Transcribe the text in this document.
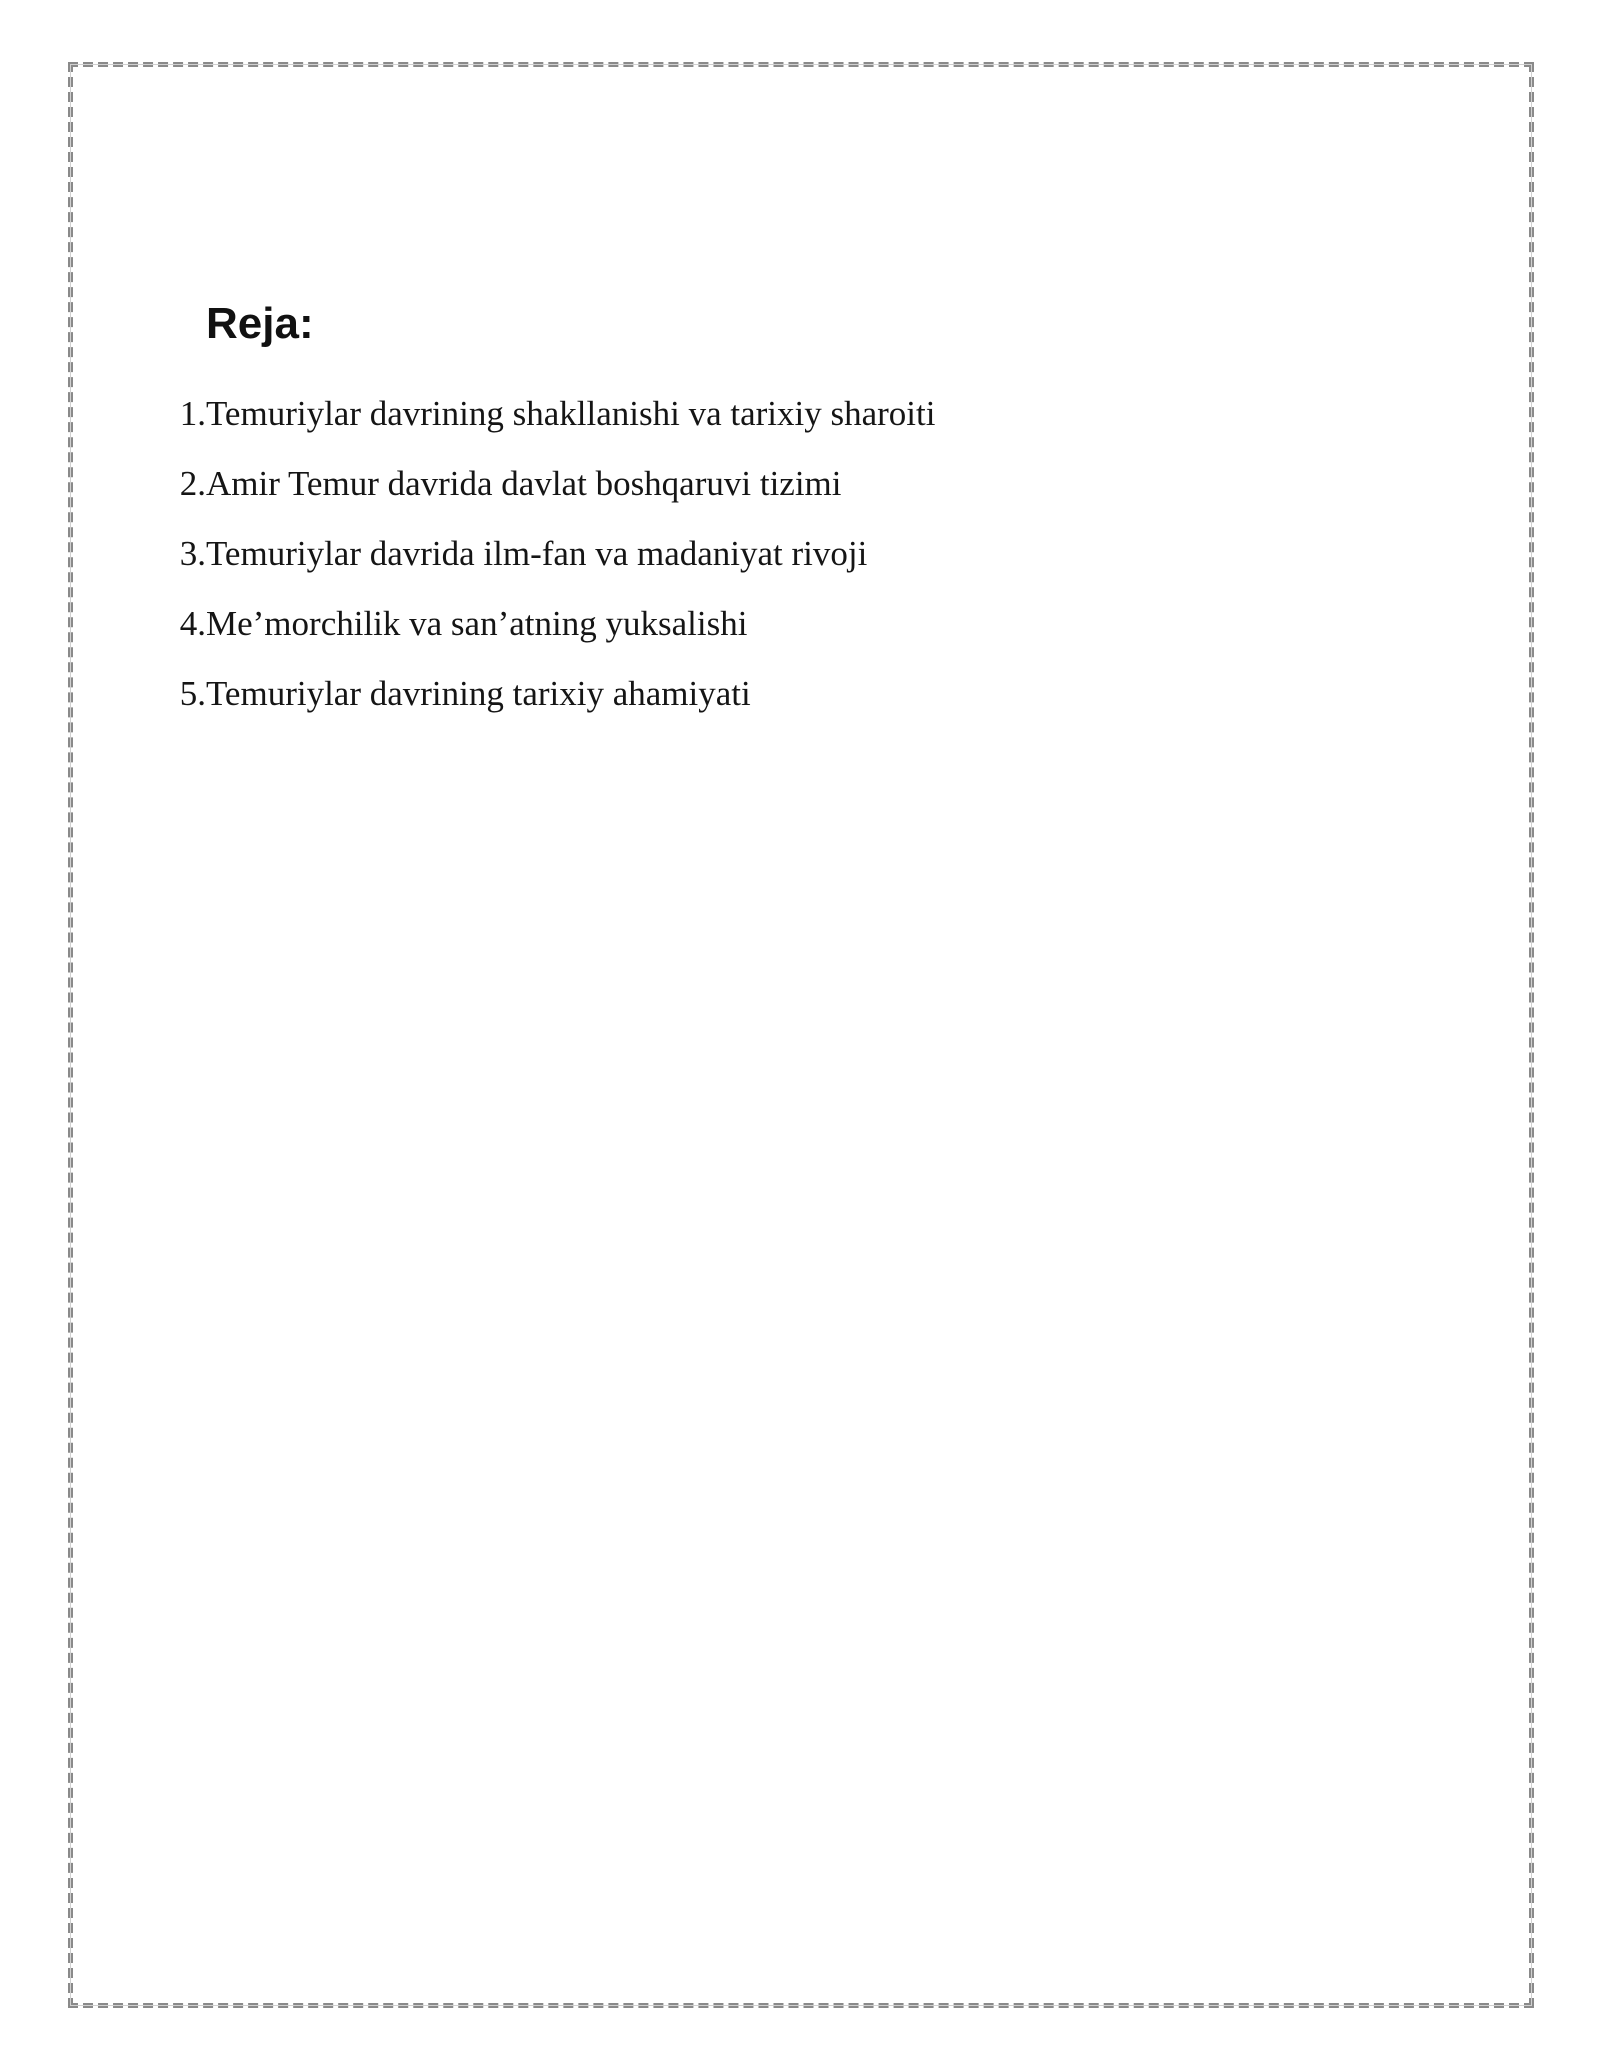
Reja:
1. Temuriylar davrining shakllanishi va tarixiy sharoiti
2. Amir Temur davrida davlat boshqaruvi tizimi
3. Temuriylar davrida ilm-fan va madaniyat rivoji
4. Me’morchilik va san’atning yuksalishi
5. Temuriylar davrining tarixiy ahamiyati
